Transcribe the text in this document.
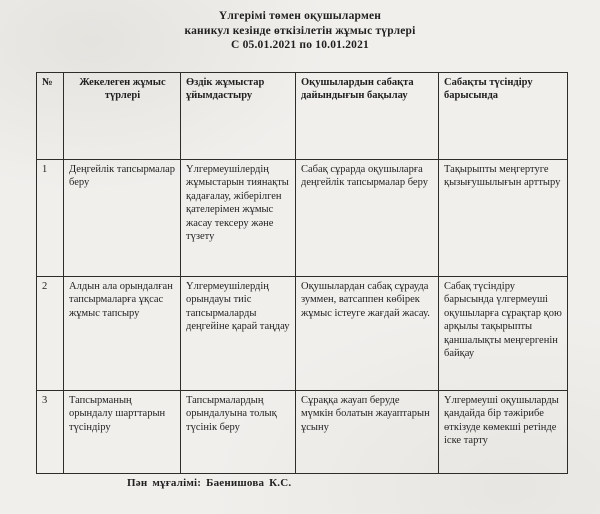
Үлгерімі төмен оқушылармен
каникул кезінде өткізілетін жұмыс түрлері
С 05.01.2021 по 10.01.2021
№	Жекелеген жұмыс түрлері	Өздік жұмыстар ұйымдастыру	Оқушылардын сабақта дайындығын бақылау	Сабақты түсіндіру барысында
1	Деңгейлік тапсырмалар беру	Үлгермеушілердің жұмыстарын тиянақты қадағалау, жіберілген қателерімен жұмыс жасау тексеру және түзету	Сабақ сұрарда оқушыларға деңгейлік тапсырмалар беру	Тақырыпты меңгертуге қызығушылығын арттыру
2	Алдын ала орындалған тапсырмаларға ұқсас жұмыс тапсыру	Үлгермеушілердің орындауы тиіс тапсырмаларды деңгейіне қарай таңдау	Оқушылардан сабақ сұрауда зуммен, ватсаппен көбірек жұмыс істеуге жағдай жасау.	Сабақ түсіндіру барысында үлгермеуші оқушыларға сұрақтар қою арқылы тақырыпты қаншалықты меңгергенін байқау
3	Тапсырманың орындалу шарттарын түсіндіру	Тапсырмалардың орындалуына толық түсінік беру	Сұраққа жауап беруде мүмкін болатын жауаптарын ұсыну	Үлгермеуші оқушыларды қандайда бір тәжірибе өткізуде көмекші ретінде іске тарту
Пән мұғалімі: Баенишова К.С.
